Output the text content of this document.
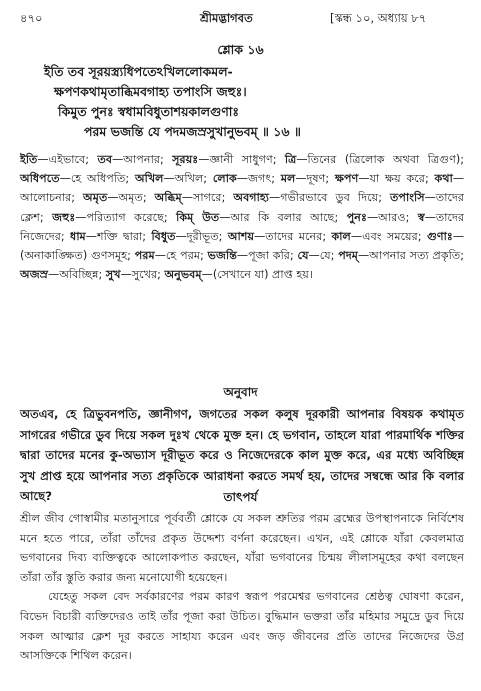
৪৭০	শ্রীমদ্ভাগবত	[স্কন্ধ ১০, অধ্যায় ৮৭
শ্লোক ১৬
ইতি তব সূরয়স্ত্র্যধিপতেঽখিললোকমল-
ক্ষপণকথামৃতাব্ধিমবগাহ্য তপাংসি জহুঃ।
কিমুত পুনঃ স্বধামবিধুতাশয়কালগুণাঃ
পরম ভজন্তি যে পদমজস্রসুখানুভবম্ ॥ ১৬ ॥
ইতি—এইভাবে; তব—আপনার; সূরয়ঃ—জ্ঞানী সাধুগণ; ত্রি—তিনের (ত্রিলোক অথবা ত্রিগুণ); অধিপতে—হে অধিপতি; অখিল—অখিল; লোক—জগৎ; মল—দূষণ; ক্ষপণ—যা ক্ষয় করে; কথা—আলোচনার; অমৃত—অমৃত; অব্ধিম্—সাগরে; অবগাহ্য—গভীরভাবে ডুব দিয়ে; তপাংসি—তাদের ক্লেশ; জহুঃ—পরিত্যাগ করেছে; কিম্ উত—আর কি বলার আছে; পুনঃ—আরও; স্ব—তাদের নিজেদের; ধাম—শক্তি দ্বারা; বিধুত—দূরীভূত; আশয়—তাদের মনের; কাল—এবং সময়ের; গুণাঃ—(অনাকাঙ্ক্ষিত) গুণসমূহ; পরম—হে পরম; ভজন্তি—পূজা করি; যে—যে; পদম্—আপনার সত্য প্রকৃতি; অজস্র—অবিচ্ছিন্ন; সুখ—সুখের; অনুভবম্—(সেখানে যা) প্রাপ্ত হয়।
অনুবাদ
অতএব, হে ত্রিভুবনপতি, জ্ঞানীগণ, জগতের সকল কলুষ দূরকারী আপনার বিষয়ক কথামৃত সাগরের গভীরে ডুব দিয়ে সকল দুঃখ থেকে মুক্ত হন। হে ভগবান, তাহলে যারা পারমার্থিক শক্তির দ্বারা তাদের মনের কু-অভ্যাস দূরীভূত করে ও নিজেদেরকে কাল মুক্ত করে, এর মধ্যে অবিচ্ছিন্ন সুখ প্রাপ্ত হয়ে আপনার সত্য প্রকৃতিকে আরাধনা করতে সমর্থ হয়, তাদের সম্বন্ধে আর কি বলার আছে?	তাৎপর্য

শ্রীল জীব গোস্বামীর মতানুসারে পূর্ববর্তী শ্লোকে যে সকল শ্রুতির পরম ব্রহ্মের উপস্থাপনাকে নির্বিশেষ মনে হতে পারে, তাঁরা তাঁদের প্রকৃত উদ্দেশ্য বর্ণনা করেছেন। এখন, এই শ্লোকে যাঁরা কেবলমাত্র ভগবানের দিব্য ব্যক্তিত্বকে আলোকপাত করছেন, যাঁরা ভগবানের চিন্ময় লীলাসমূহের কথা বলছেন তাঁরা তাঁর স্তুতি করার জন্য মনোযোগী হয়েছেন।

যেহেতু সকল বেদ সর্বকারণের পরম কারণ স্বরূপ পরমেশ্বর ভগবানের শ্রেষ্ঠত্ব ঘোষণা করেন, বিভেদ বিচারী ব্যক্তিদেরও তাই তাঁর পূজা করা উচিত। বুদ্ধিমান ভক্তরা তাঁর মহিমার সমুদ্রে ডুব দিয়ে সকল আত্মার ক্লেশ দূর করতে সাহায্য করেন এবং জড় জীবনের প্রতি তাদের নিজেদের উগ্র আসক্তিকে শিথিল করেন।
